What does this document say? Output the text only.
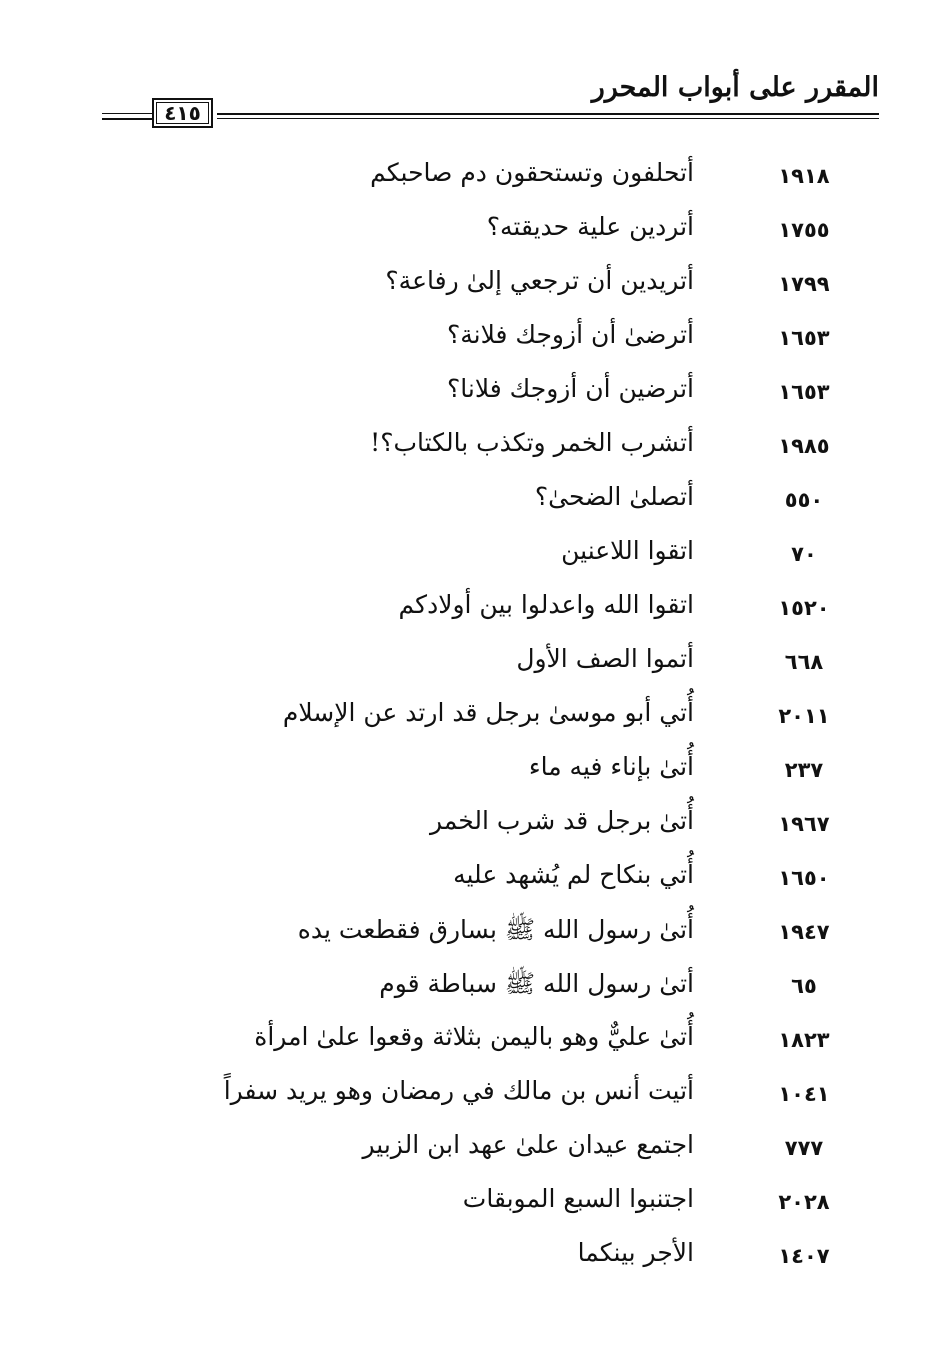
المقرر على أبواب المحرر
٤١٥
١٩١٨
أتحلفون وتستحقون دم صاحبكم
١٧٥٥
أتردين علية حديقته؟
١٧٩٩
أتريدين أن ترجعي إلىٰ رفاعة؟
١٦٥٣
أترضىٰ أن أزوجك فلانة؟
١٦٥٣
أترضين أن أزوجك فلانا؟
١٩٨٥
أتشرب الخمر وتكذب بالكتاب؟!
٥٥٠
أتصلىٰ الضحىٰ؟
٧٠
اتقوا اللاعنين
١٥٢٠
اتقوا الله واعدلوا بين أولادكم
٦٦٨
أتموا الصف الأول
٢٠١١
أُتي أبو موسىٰ برجل قد ارتد عن الإسلام
٢٣٧
أُتىٰ بإناء فيه ماء
١٩٦٧
أُتىٰ برجل قد شرب الخمر
١٦٥٠
أُتي بنكاح لم يُشهد عليه
١٩٤٧
أُتىٰ رسول الله ﷺ بسارق فقطعت يده
٦٥
أتىٰ رسول الله ﷺ سباطة قوم
١٨٢٣
أُتىٰ عليٌّ وهو باليمن بثلاثة وقعوا علىٰ امرأة
١٠٤١
أتيت أنس بن مالك في رمضان وهو يريد سفراً
٧٧٧
اجتمع عيدان علىٰ عهد ابن الزبير
٢٠٢٨
اجتنبوا السبع الموبقات
١٤٠٧
الأجر بينكما
